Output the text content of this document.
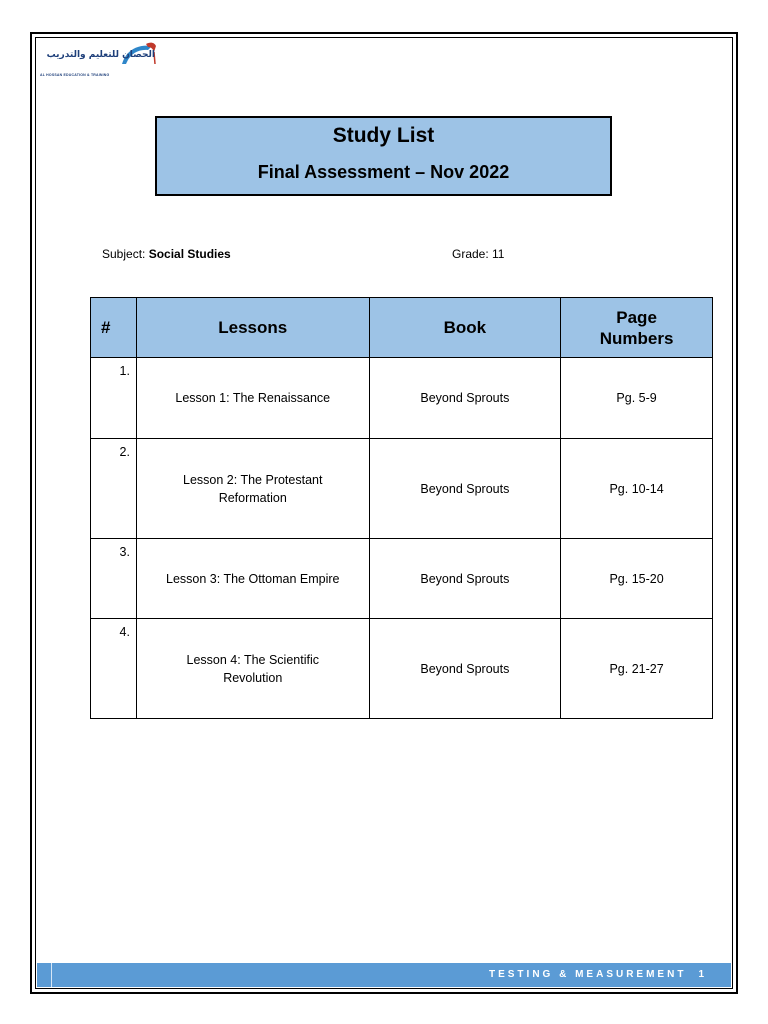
الحصان للتعليم والتدريب
AL HOSSAN EDUCATION & TRAINING
Study List
Final Assessment – Nov 2022
Subject: Social Studies	Grade: 11
#	Lessons	Book	Page
Numbers
1.	Lesson 1: The Renaissance	Beyond Sprouts	Pg. 5-9
2.	Lesson 2: The Protestant
Reformation	Beyond Sprouts	Pg. 10-14
3.	Lesson 3: The Ottoman Empire	Beyond Sprouts	Pg. 15-20
4.	Lesson 4: The Scientific
Revolution	Beyond Sprouts	Pg. 21-27
TESTING & MEASUREMENT 1
